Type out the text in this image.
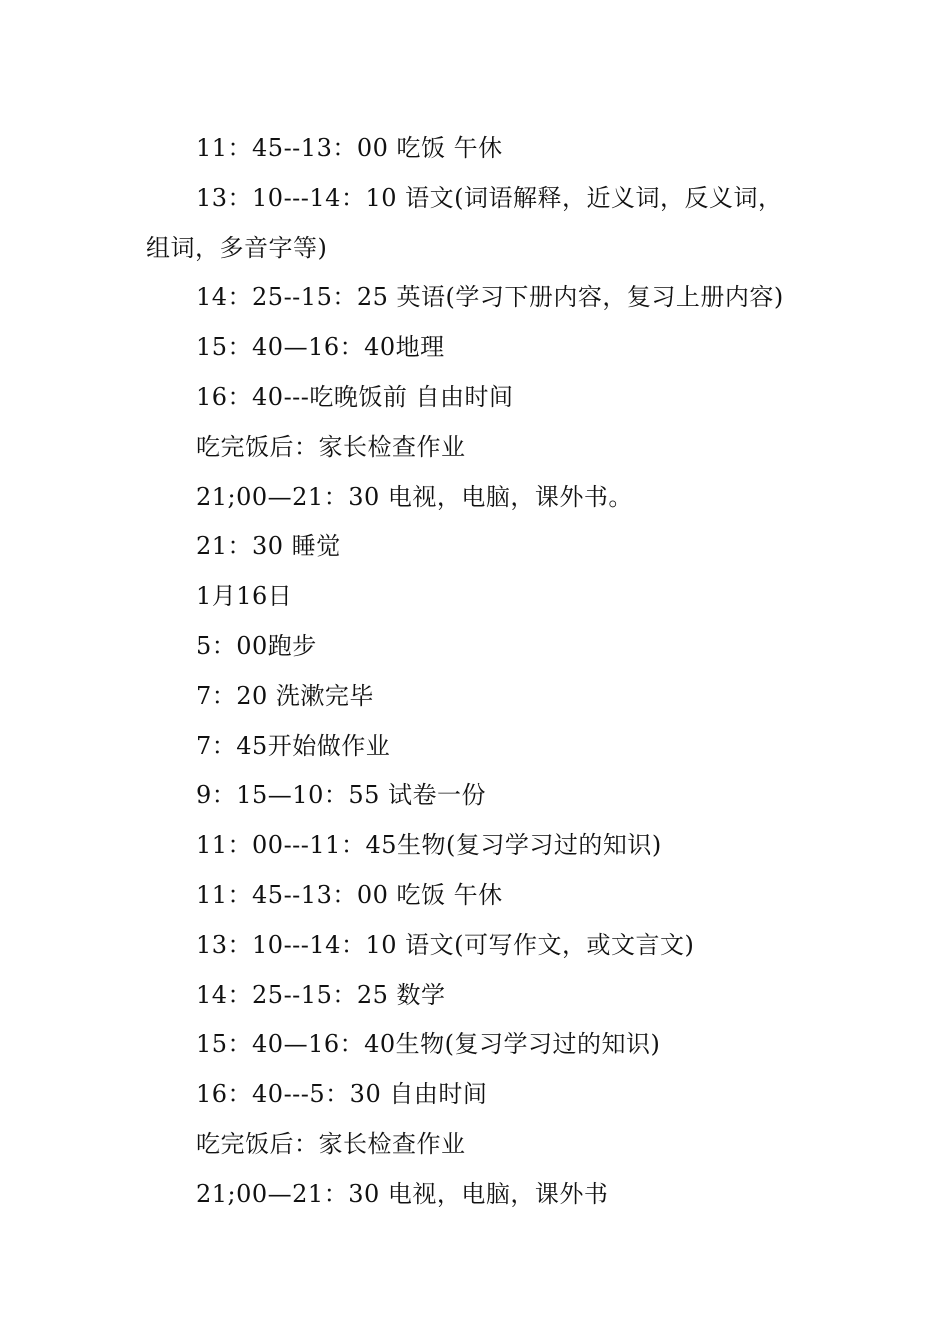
11：45--13：00 吃饭 午休
13：10---14：10 语文(词语解释，近义词，反义词，
组词，多音字等)
14：25--15：25 英语(学习下册内容，复习上册内容)
15：40—16：40地理
16：40---吃晚饭前 自由时间
吃完饭后：家长检查作业
21;00—21：30 电视，电脑，课外书。
21：30 睡觉
1月16日
5：00跑步
7：20 洗漱完毕
7：45开始做作业
9：15—10：55 试卷一份
11：00---11：45生物(复习学习过的知识)
11：45--13：00 吃饭 午休
13：10---14：10 语文(可写作文，或文言文)
14：25--15：25 数学
15：40—16：40生物(复习学习过的知识)
16：40---5：30 自由时间
吃完饭后：家长检查作业
21;00—21：30 电视，电脑，课外书
